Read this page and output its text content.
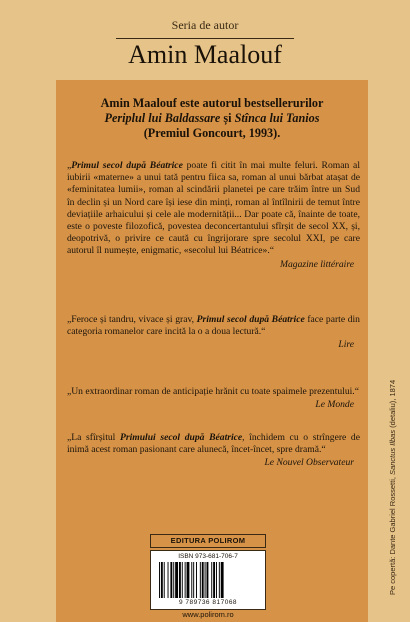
Seria de autor
Amin Maalouf
Amin Maalouf este autorul bestsellerurilor
Periplul lui Baldassare și Stînca lui Tanios
(Premiul Goncourt, 1993).
„Primul secol după Béatrice poate fi citit în mai multe feluri. Roman al iubirii «materne» a unui tată pentru fiica sa, roman al unui bărbat atașat de «feminitatea lumii», roman al scindării planetei pe care trăim între un Sud în declin și un Nord care își iese din minți, roman al întîlnirii de temut între deviațiile arhaicului și cele ale modernității... Dar poate că, înainte de toate, este o poveste filozofică, povestea deconcertantului sfîrșit de secol XX, și, deopotrivă, o privire ce caută cu îngrijorare spre secolul XXI, pe care autorul îl numește, enigmatic, «secolul lui Béatrice».“
Magazine littéraire
„Feroce și tandru, vivace și grav, Primul secol după Béatrice face parte din categoria romanelor care incită la o a doua lectură.“
Lire
„Un extraordinar roman de anticipație hrănit cu toate spaimele prezentului.“
Le Monde
„La sfîrșitul Primului secol după Béatrice, închidem cu o strîngere de inimă acest roman pasionant care alunecă, încet-încet, spre dramă.“
Le Nouvel Observateur
EDITURA POLIROM
ISBN 973-681-706-7
9 789736 817068
www.polirom.ro
Pe copertă: Dante Gabriel Rossetti, Sanctus Ilbas (detaliu), 1874
